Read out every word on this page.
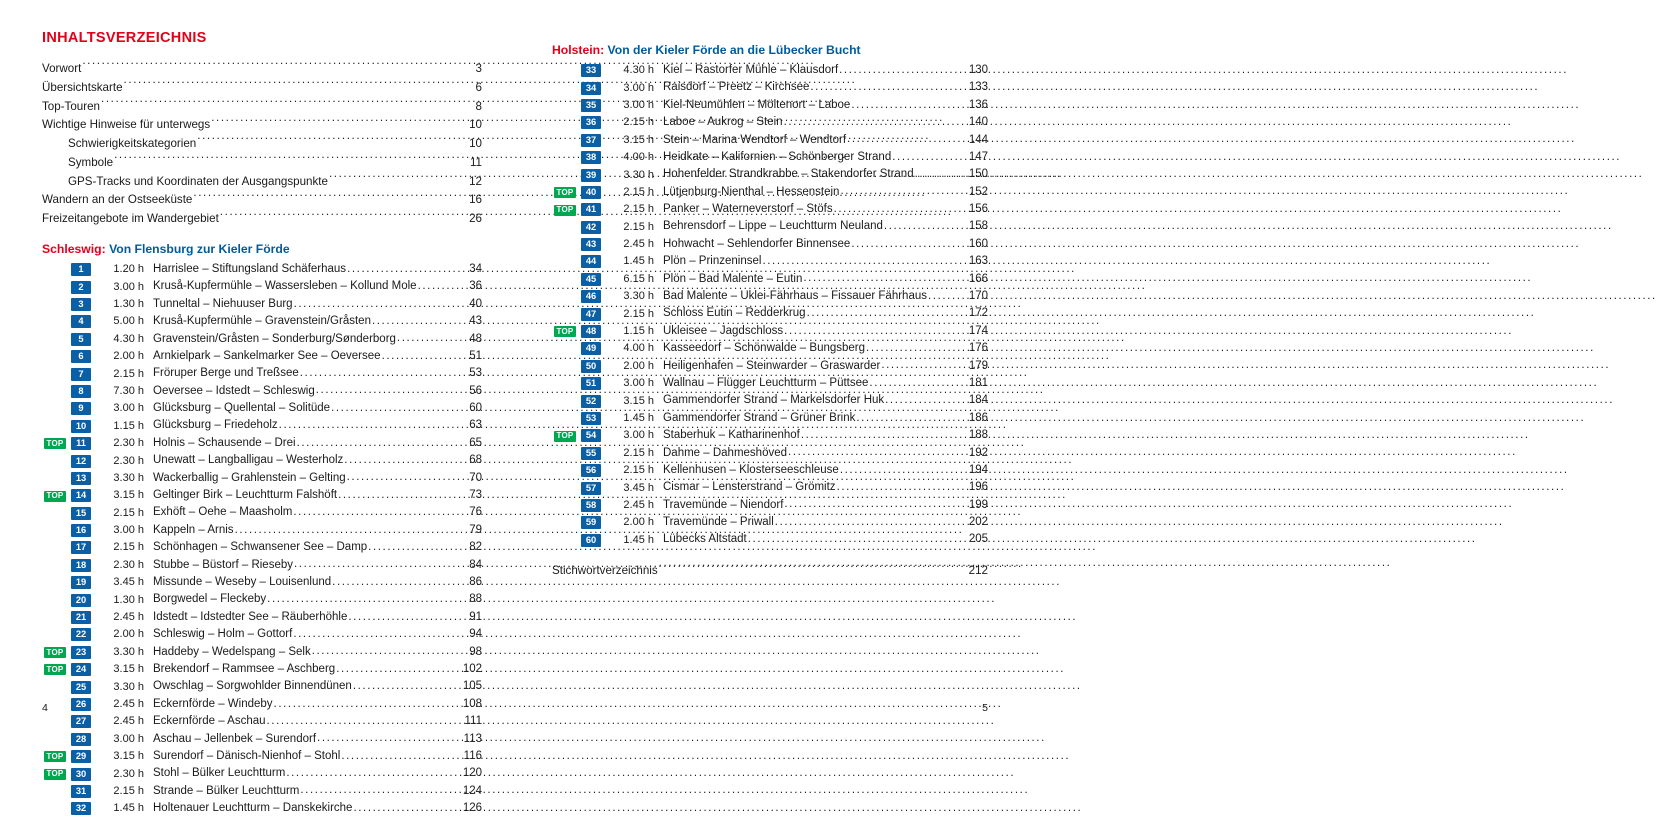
INHALTSVERZEICHNIS
Vorwort .....	3
Übersichtskarte .....	6
Top-Touren .....	8
Wichtige Hinweise für unterwegs .....	10
Schwierigkeitskategorien .....	10
Symbole .....	11
GPS-Tracks und Koordinaten der Ausgangspunkte .....	12
Wandern an der Ostseeküste .....	16
Freizeitangebote im Wandergebiet .....	26
Schleswig: Von Flensburg zur Kieler Förde
1	1.20 h Harrislee – Stiftungsland Schäferhaus .....	34
2	3.00 h Kruså-Kupfermühle – Wassersleben – Kollund Mole .....	36
3	1.30 h Tunneltal – Niehuuser Burg .....	40
4	5.00 h Kruså-Kupfermühle – Gravenstein/Gråsten .....	43
5	4.30 h Gravenstein/Gråsten – Sonderburg/Sønderborg .....	48
6	2.00 h Arnkielpark – Sankelmarker See – Oeversee .....	51
7	2.15 h Fröruper Berge und Treßsee .....	53
8	7.30 h Oeversee – Idstedt – Schleswig .....	56
9	3.00 h Glücksburg – Quellental – Solitüde .....	60
10	1.15 h Glücksburg – Friedeholz .....	63
TOP	11	2.30 h Holnis – Schausende – Drei .....	65
12	2.30 h Unewatt – Langballigau – Westerholz .....	68
13	3.30 h Wackerballig – Grahlenstein – Gelting .....	70
TOP	14	3.15 h Geltinger Birk – Leuchtturm Falshöft .....	73
15	2.15 h Exhöft – Oehe – Maasholm .....	76
16	3.00 h Kappeln – Arnis .....	79
17	2.15 h Schönhagen – Schwansener See – Damp .....	82
18	2.30 h Stubbe – Büstorf – Rieseby .....	84
19	3.45 h Missunde – Weseby – Louisenlund .....	86
20	1.30 h Borgwedel – Fleckeby .....	88
21	2.45 h Idstedt – Idstedter See – Räuberhöhle .....	91
22	2.00 h Schleswig – Holm – Gottorf .....	94
TOP	23	3.30 h Haddeby – Wedelspang – Selk .....	98
TOP	24	3.15 h Brekendorf – Rammsee – Aschberg .....	102
25	3.30 h Owschlag – Sorgwohlder Binnendünen .....	105
26	2.45 h Eckernförde – Windeby .....	108
27	2.45 h Eckernförde – Aschau .....	111
28	3.00 h Aschau – Jellenbek – Surendorf .....	113
TOP	29	3.15 h Surendorf – Dänisch-Nienhof – Stohl .....	116
TOP	30	2.30 h Stohl – Bülker Leuchtturm .....	120
31	2.15 h Strande – Bülker Leuchtturm .....	124
32	1.45 h Holtenauer Leuchtturm – Danskekirche .....	126
Holstein: Von der Kieler Förde an die Lübecker Bucht
33	4.30 h Kiel – Rastorfer Mühle – Klausdorf .....	130
34	3.00 h Raisdorf – Preetz – Kirchsee .....	133
35	3.00 h Kiel-Neumühlen – Möltenort – Laboe .....	136
36	2.15 h Laboe – Aukrog – Stein .....	140
37	3.15 h Stein – Marina Wendtorf – Wendtorf .....	144
38	4.00 h Heidkate – Kalifornien – Schönberger Strand .....	147
39	3.30 h Hohenfelder Strandkrabbe – Stakendorfer Strand .....	150
TOP	40	2.15 h Lütjenburg-Nienthal – Hessenstein .....	152
TOP	41	2.15 h Panker – Waterneverstorf – Stöfs .....	156
42	2.15 h Behrensdorf – Lippe – Leuchtturm Neuland .....	158
43	2.45 h Hohwacht – Sehlendorfer Binnensee .....	160
44	1.45 h Plön – Prinzeninsel .....	163
45	6.15 h Plön – Bad Malente – Eutin .....	166
46	3.30 h Bad Malente – Uklei-Fährhaus – Fissauer Fährhaus .....	170
47	2.15 h Schloss Eutin – Redderkrug .....	172
TOP	48	1.15 h Ukleisee – Jagdschloss .....	174
49	4.00 h Kasseedorf – Schönwalde – Bungsberg .....	176
50	2.00 h Heiligenhafen – Steinwarder – Graswarder .....	179
51	3.00 h Wallnau – Flügger Leuchtturm – Püttsee .....	181
52	3.15 h Gammendorfer Strand – Markelsdorfer Huk .....	184
53	1.45 h Gammendorfer Strand – Grüner Brink .....	186
TOP	54	3.00 h Staberhuk – Katharinenhof .....	188
55	2.15 h Dahme – Dahmeshöved .....	192
56	2.15 h Kellenhusen – Klosterseeschleuse .....	194
57	3.45 h Cismar – Lensterstrand – Grömitz .....	196
58	2.45 h Travemünde – Niendorf .....	199
59	2.00 h Travemünde – Priwall .....	202
60	1.45 h Lübecks Altstadt .....	205
Stichwortverzeichnis .....	212
4	5
